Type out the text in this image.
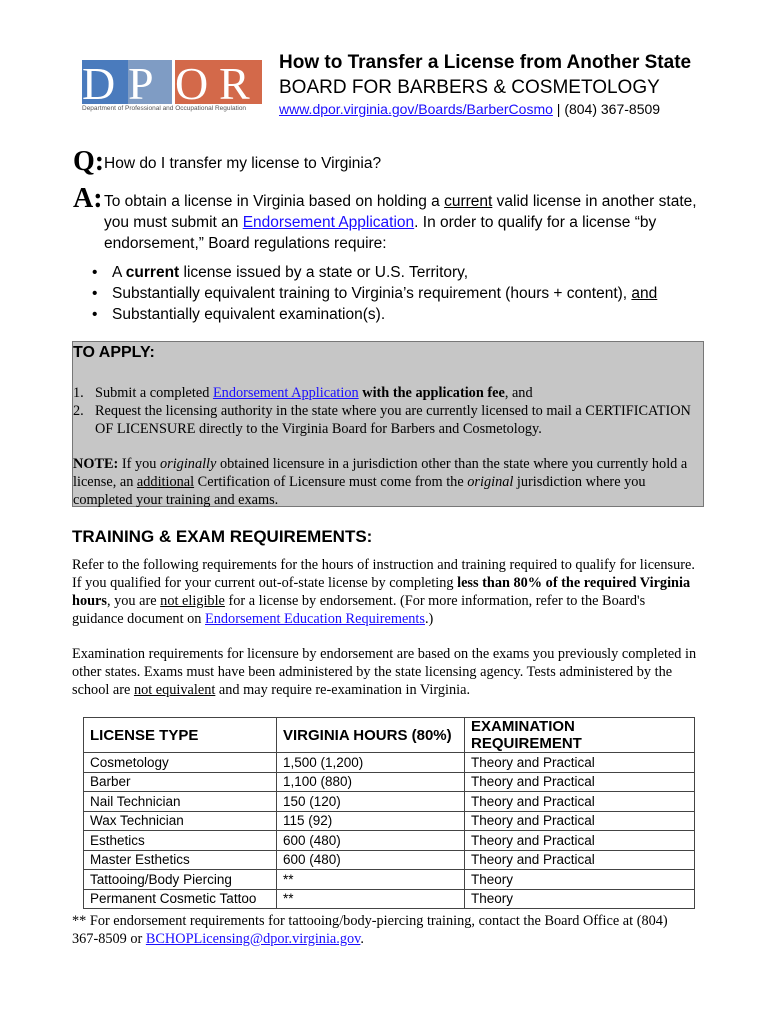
D P O R
Department of Professional and Occupational Regulation
How to Transfer a License from Another State
BOARD FOR BARBERS & COSMETOLOGY
www.dpor.virginia.gov/Boards/BarberCosmo | (804) 367-8509
Q: How do I transfer my license to Virginia?
A: To obtain a license in Virginia based on holding a current valid license in another state, you must submit an Endorsement Application. In order to qualify for a license “by endorsement,” Board regulations require:
• A current license issued by a state or U.S. Territory,
• Substantially equivalent training to Virginia’s requirement (hours + content), and
• Substantially equivalent examination(s).
TO APPLY:
1. Submit a completed Endorsement Application with the application fee, and
2. Request the licensing authority in the state where you are currently licensed to mail a CERTIFICATION OF LICENSURE directly to the Virginia Board for Barbers and Cosmetology.
NOTE: If you originally obtained licensure in a jurisdiction other than the state where you currently hold a license, an additional Certification of Licensure must come from the original jurisdiction where you completed your training and exams.
TRAINING & EXAM REQUIREMENTS:
Refer to the following requirements for the hours of instruction and training required to qualify for licensure. If you qualified for your current out-of-state license by completing less than 80% of the required Virginia hours, you are not eligible for a license by endorsement. (For more information, refer to the Board's guidance document on Endorsement Education Requirements.)
Examination requirements for licensure by endorsement are based on the exams you previously completed in other states. Exams must have been administered by the state licensing agency. Tests administered by the school are not equivalent and may require re-examination in Virginia.
LICENSE TYPE	VIRGINIA HOURS (80%)	EXAMINATION REQUIREMENT
Cosmetology	1,500 (1,200)	Theory and Practical
Barber	1,100 (880)	Theory and Practical
Nail Technician	150 (120)	Theory and Practical
Wax Technician	115 (92)	Theory and Practical
Esthetics	600 (480)	Theory and Practical
Master Esthetics	600 (480)	Theory and Practical
Tattooing/Body Piercing	**	Theory
Permanent Cosmetic Tattoo	**	Theory
** For endorsement requirements for tattooing/body-piercing training, contact the Board Office at (804) 367-8509 or BCHOPLicensing@dpor.virginia.gov.
